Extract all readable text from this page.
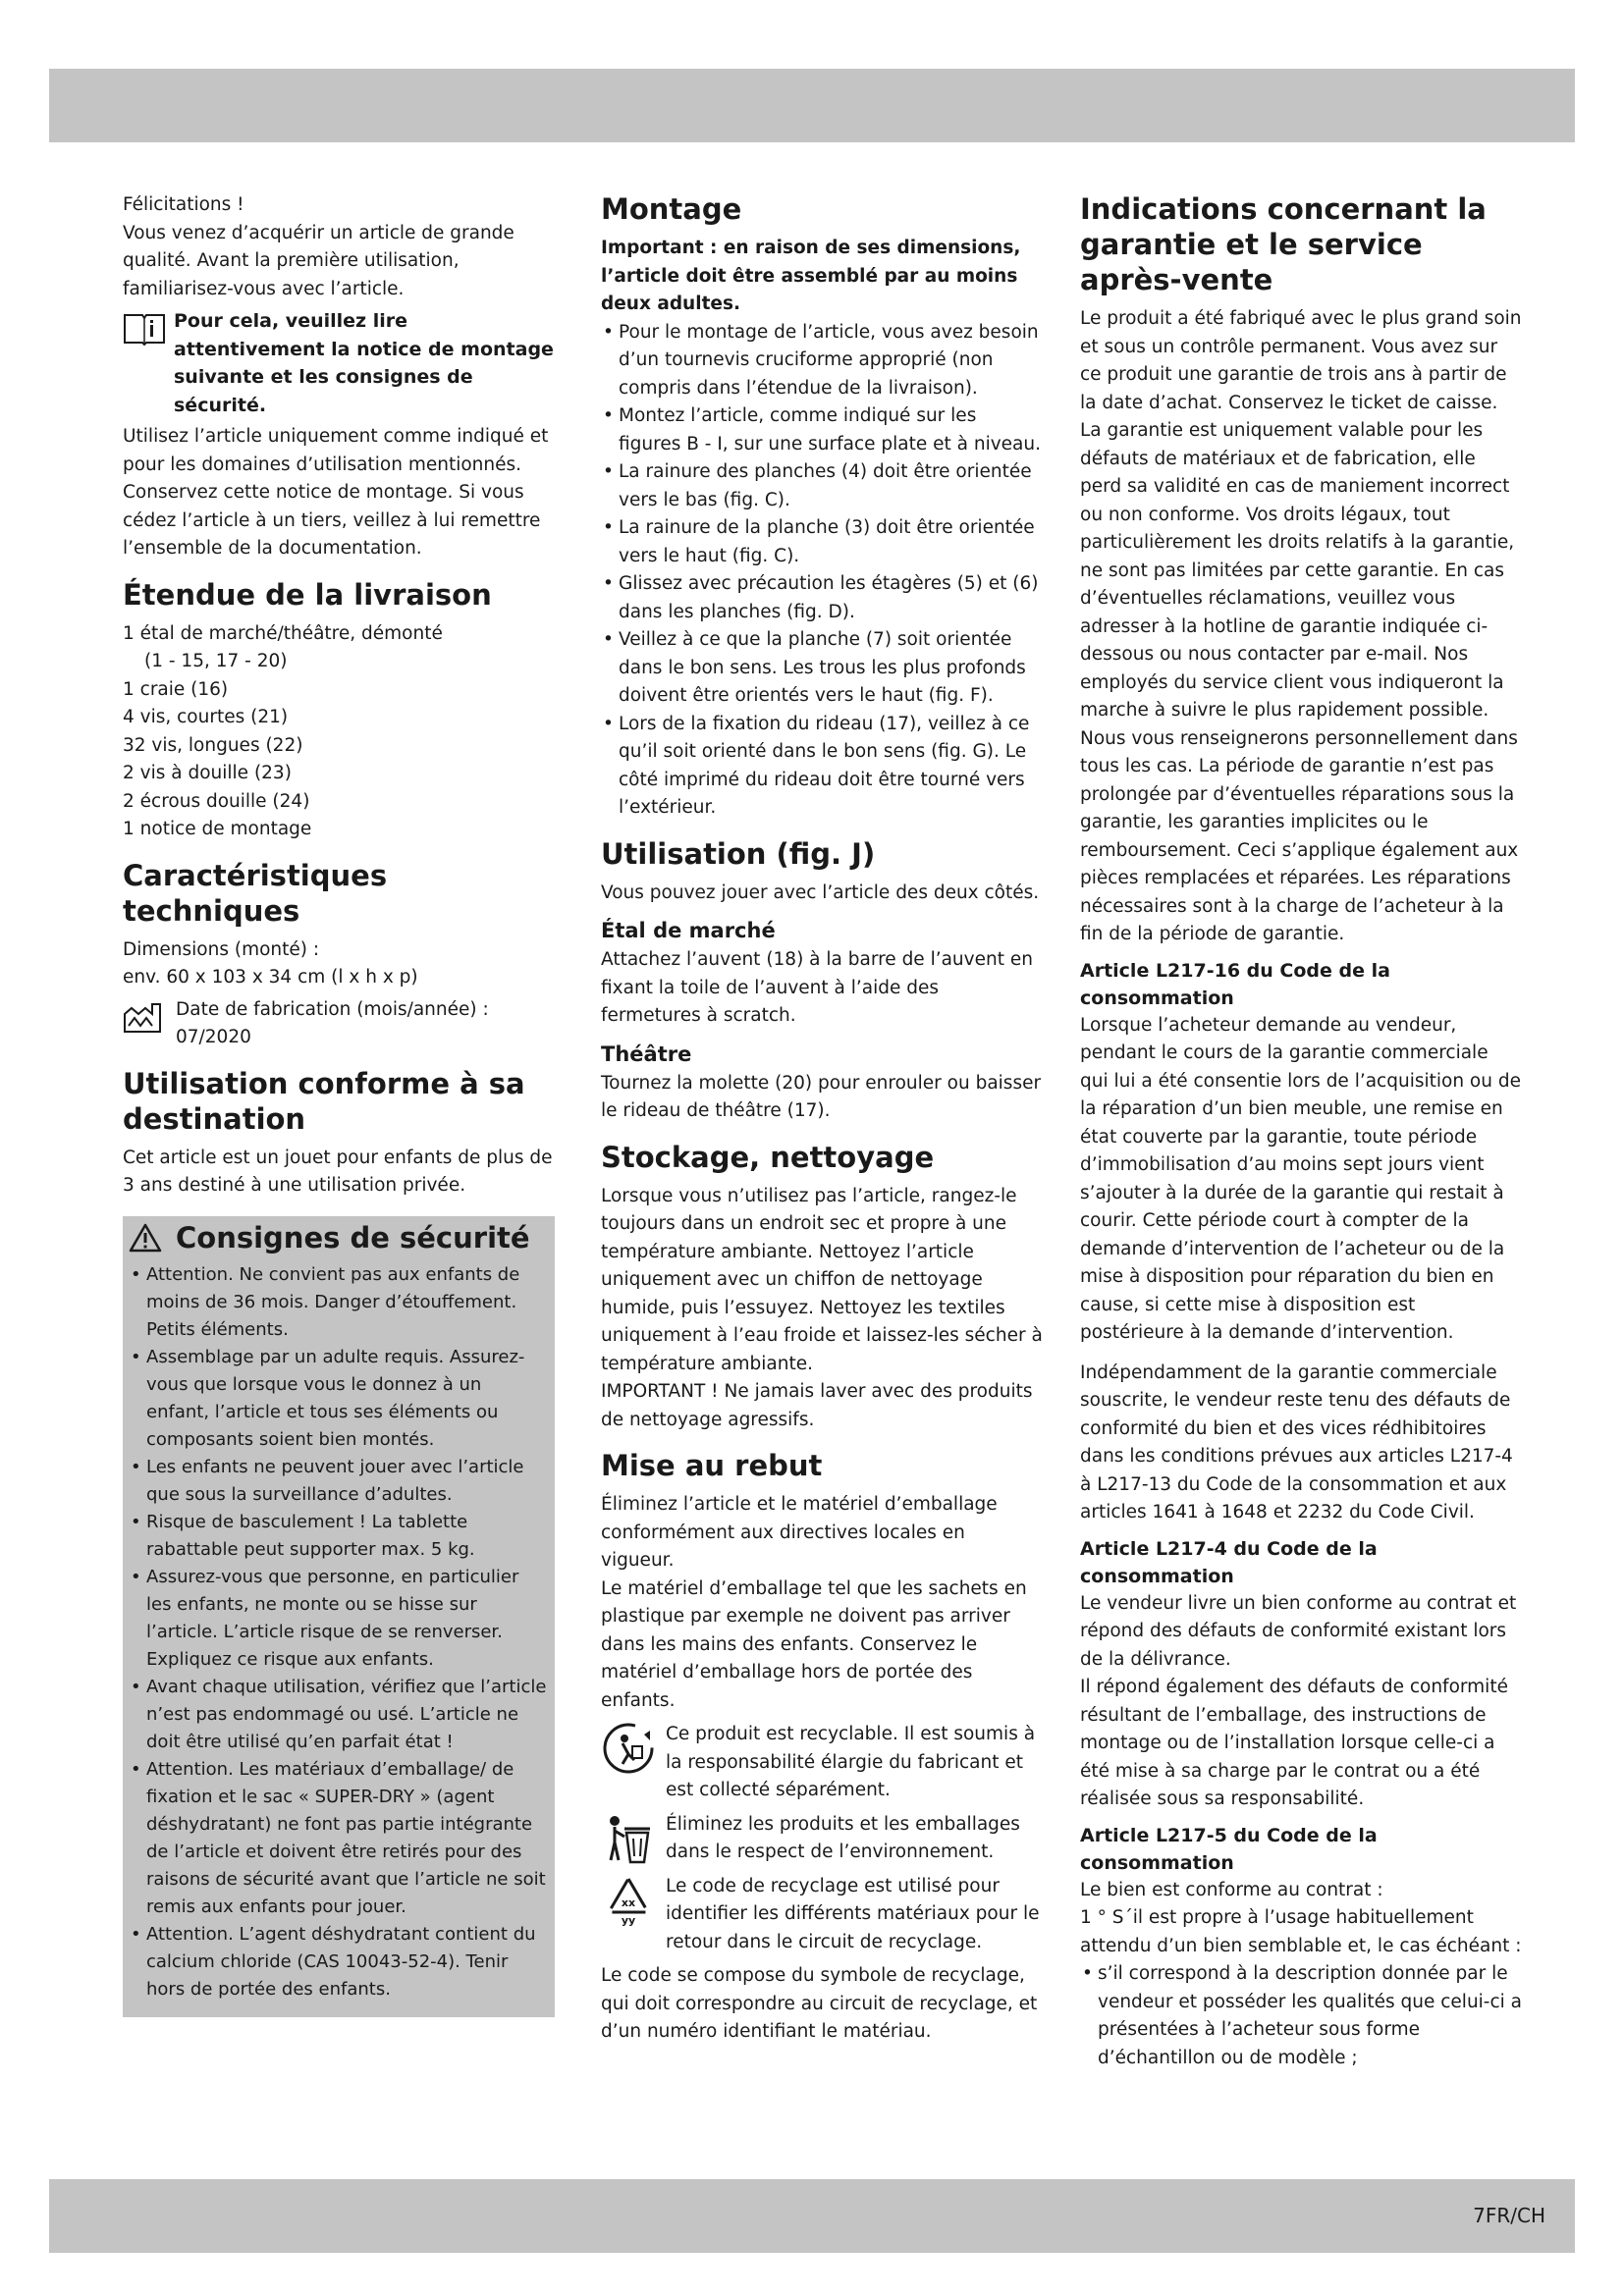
Félicitations !

Vous venez d’acquérir un article de grande qualité. Avant la première utilisation, familiarisez-vous avec l’article.

Pour cela, veuillez lire attentivement la notice de montage suivante et les consignes de sécurité.

Utilisez l’article uniquement comme indiqué et pour les domaines d’utilisation mentionnés. Conservez cette notice de montage. Si vous cédez l’article à un tiers, veillez à lui remettre l’ensemble de la documentation.

Étendue de la livraison

1 étal de marché/théâtre, démonté

(1 - 15, 17 - 20)

1 craie (16)

4 vis, courtes (21)

32 vis, longues (22)

2 vis à douille (23)

2 écrous douille (24)

1 notice de montage

Caractéristiques techniques

Dimensions (monté) :

env. 60 x 103 x 34 cm (l x h x p)

Date de fabrication (mois/année) :

07/2020

Utilisation conforme à sa destination

Cet article est un jouet pour enfants de plus de 3 ans destiné à une utilisation privée.

Consignes de sécurité
• Attention. Ne convient pas aux enfants de moins de 36 mois. Danger d’étouffement. Petits éléments.
• Assemblage par un adulte requis. Assurez-vous que lorsque vous le donnez à un enfant, l’article et tous ses éléments ou composants soient bien montés.
• Les enfants ne peuvent jouer avec l’article que sous la surveillance d’adultes.
• Risque de basculement ! La tablette rabattable peut supporter max. 5 kg.
• Assurez-vous que personne, en particulier les enfants, ne monte ou se hisse sur l’article. L’article risque de se renverser. Expliquez ce risque aux enfants.
• Avant chaque utilisation, vérifiez que l’article n’est pas endommagé ou usé. L’article ne doit être utilisé qu’en parfait état !
• Attention. Les matériaux d’emballage/ de fixation et le sac « SUPER-DRY » (agent déshydratant) ne font pas partie intégrante de l’article et doivent être retirés pour des raisons de sécurité avant que l’article ne soit remis aux enfants pour jouer.
• Attention. L’agent déshydratant contient du calcium chloride (CAS 10043-52-4). Tenir hors de portée des enfants.
Montage

Important : en raison de ses dimensions, l’article doit être assemblé par au moins deux adultes.

• Pour le montage de l’article, vous avez besoin d’un tournevis cruciforme approprié (non compris dans l’étendue de la livraison).
• Montez l’article, comme indiqué sur les figures B - I, sur une surface plate et à niveau.
• La rainure des planches (4) doit être orientée vers le bas (fig. C).
• La rainure de la planche (3) doit être orientée vers le haut (fig. C).
• Glissez avec précaution les étagères (5) et (6) dans les planches (fig. D).
• Veillez à ce que la planche (7) soit orientée dans le bon sens. Les trous les plus profonds doivent être orientés vers le haut (fig. F).
• Lors de la fixation du rideau (17), veillez à ce qu’il soit orienté dans le bon sens (fig. G). Le côté imprimé du rideau doit être tourné vers l’extérieur.
Utilisation (fig. J)

Vous pouvez jouer avec l’article des deux côtés.

Étal de marché

Attachez l’auvent (18) à la barre de l’auvent en fixant la toile de l’auvent à l’aide des fermetures à scratch.

Théâtre

Tournez la molette (20) pour enrouler ou baisser le rideau de théâtre (17).

Stockage, nettoyage

Lorsque vous n’utilisez pas l’article, rangez-le toujours dans un endroit sec et propre à une température ambiante. Nettoyez l’article uniquement avec un chiffon de nettoyage humide, puis l’essuyez. Nettoyez les textiles uniquement à l’eau froide et laissez-les sécher à température ambiante.

IMPORTANT ! Ne jamais laver avec des produits de nettoyage agressifs.

Mise au rebut

Éliminez l’article et le matériel d’emballage conformément aux directives locales en vigueur.

Le matériel d’emballage tel que les sachets en plastique par exemple ne doivent pas arriver dans les mains des enfants. Conservez le matériel d’emballage hors de portée des enfants.

Ce produit est recyclable. Il est soumis à la responsabilité élargie du fabricant et est collecté séparément.

Éliminez les produits et les emballages dans le respect de l’environnement.

xx
yy

Le code de recyclage est utilisé pour identifier les différents matériaux pour le retour dans le circuit de recyclage.

Le code se compose du symbole de recyclage, qui doit correspondre au circuit de recyclage, et d’un numéro identifiant le matériau.

Indications concernant la garantie et le service après-vente

Le produit a été fabriqué avec le plus grand soin et sous un contrôle permanent. Vous avez sur ce produit une garantie de trois ans à partir de la date d’achat. Conservez le ticket de caisse. La garantie est uniquement valable pour les défauts de matériaux et de fabrication, elle perd sa validité en cas de maniement incorrect ou non conforme. Vos droits légaux, tout particulièrement les droits relatifs à la garantie, ne sont pas limitées par cette garantie. En cas d’éventuelles réclamations, veuillez vous adresser à la hotline de garantie indiquée ci-dessous ou nous contacter par e-mail. Nos employés du service client vous indiqueront la marche à suivre le plus rapidement possible.

Nous vous renseignerons personnellement dans tous les cas. La période de garantie n’est pas prolongée par d’éventuelles réparations sous la garantie, les garanties implicites ou le remboursement. Ceci s’applique également aux pièces remplacées et réparées. Les réparations nécessaires sont à la charge de l’acheteur à la fin de la période de garantie.

Article L217-16 du Code de la consommation

Lorsque l’acheteur demande au vendeur, pendant le cours de la garantie commerciale qui lui a été consentie lors de l’acquisition ou de la réparation d’un bien meuble, une remise en état couverte par la garantie, toute période d’immobilisation d’au moins sept jours vient s’ajouter à la durée de la garantie qui restait à courir. Cette période court à compter de la demande d’intervention de l’acheteur ou de la mise à disposition pour réparation du bien en cause, si cette mise à disposition est postérieure à la demande d’intervention.

Indépendamment de la garantie commerciale souscrite, le vendeur reste tenu des défauts de conformité du bien et des vices rédhibitoires dans les conditions prévues aux articles L217-4 à L217-13 du Code de la consommation et aux articles 1641 à 1648 et 2232 du Code Civil.

Article L217-4 du Code de la consommation

Le vendeur livre un bien conforme au contrat et répond des défauts de conformité existant lors de la délivrance.

Il répond également des défauts de conformité résultant de l’emballage, des instructions de montage ou de l’installation lorsque celle-ci a été mise à sa charge par le contrat ou a été réalisée sous sa responsabilité.

Article L217-5 du Code de la consommation

Le bien est conforme au contrat :

1 ° S´il est propre à l’usage habituellement attendu d’un bien semblable et, le cas échéant :

• s’il correspond à la description donnée par le vendeur et posséder les qualités que celui-ci a présentées à l’acheteur sous forme d’échantillon ou de modèle ;
7FR/CH
